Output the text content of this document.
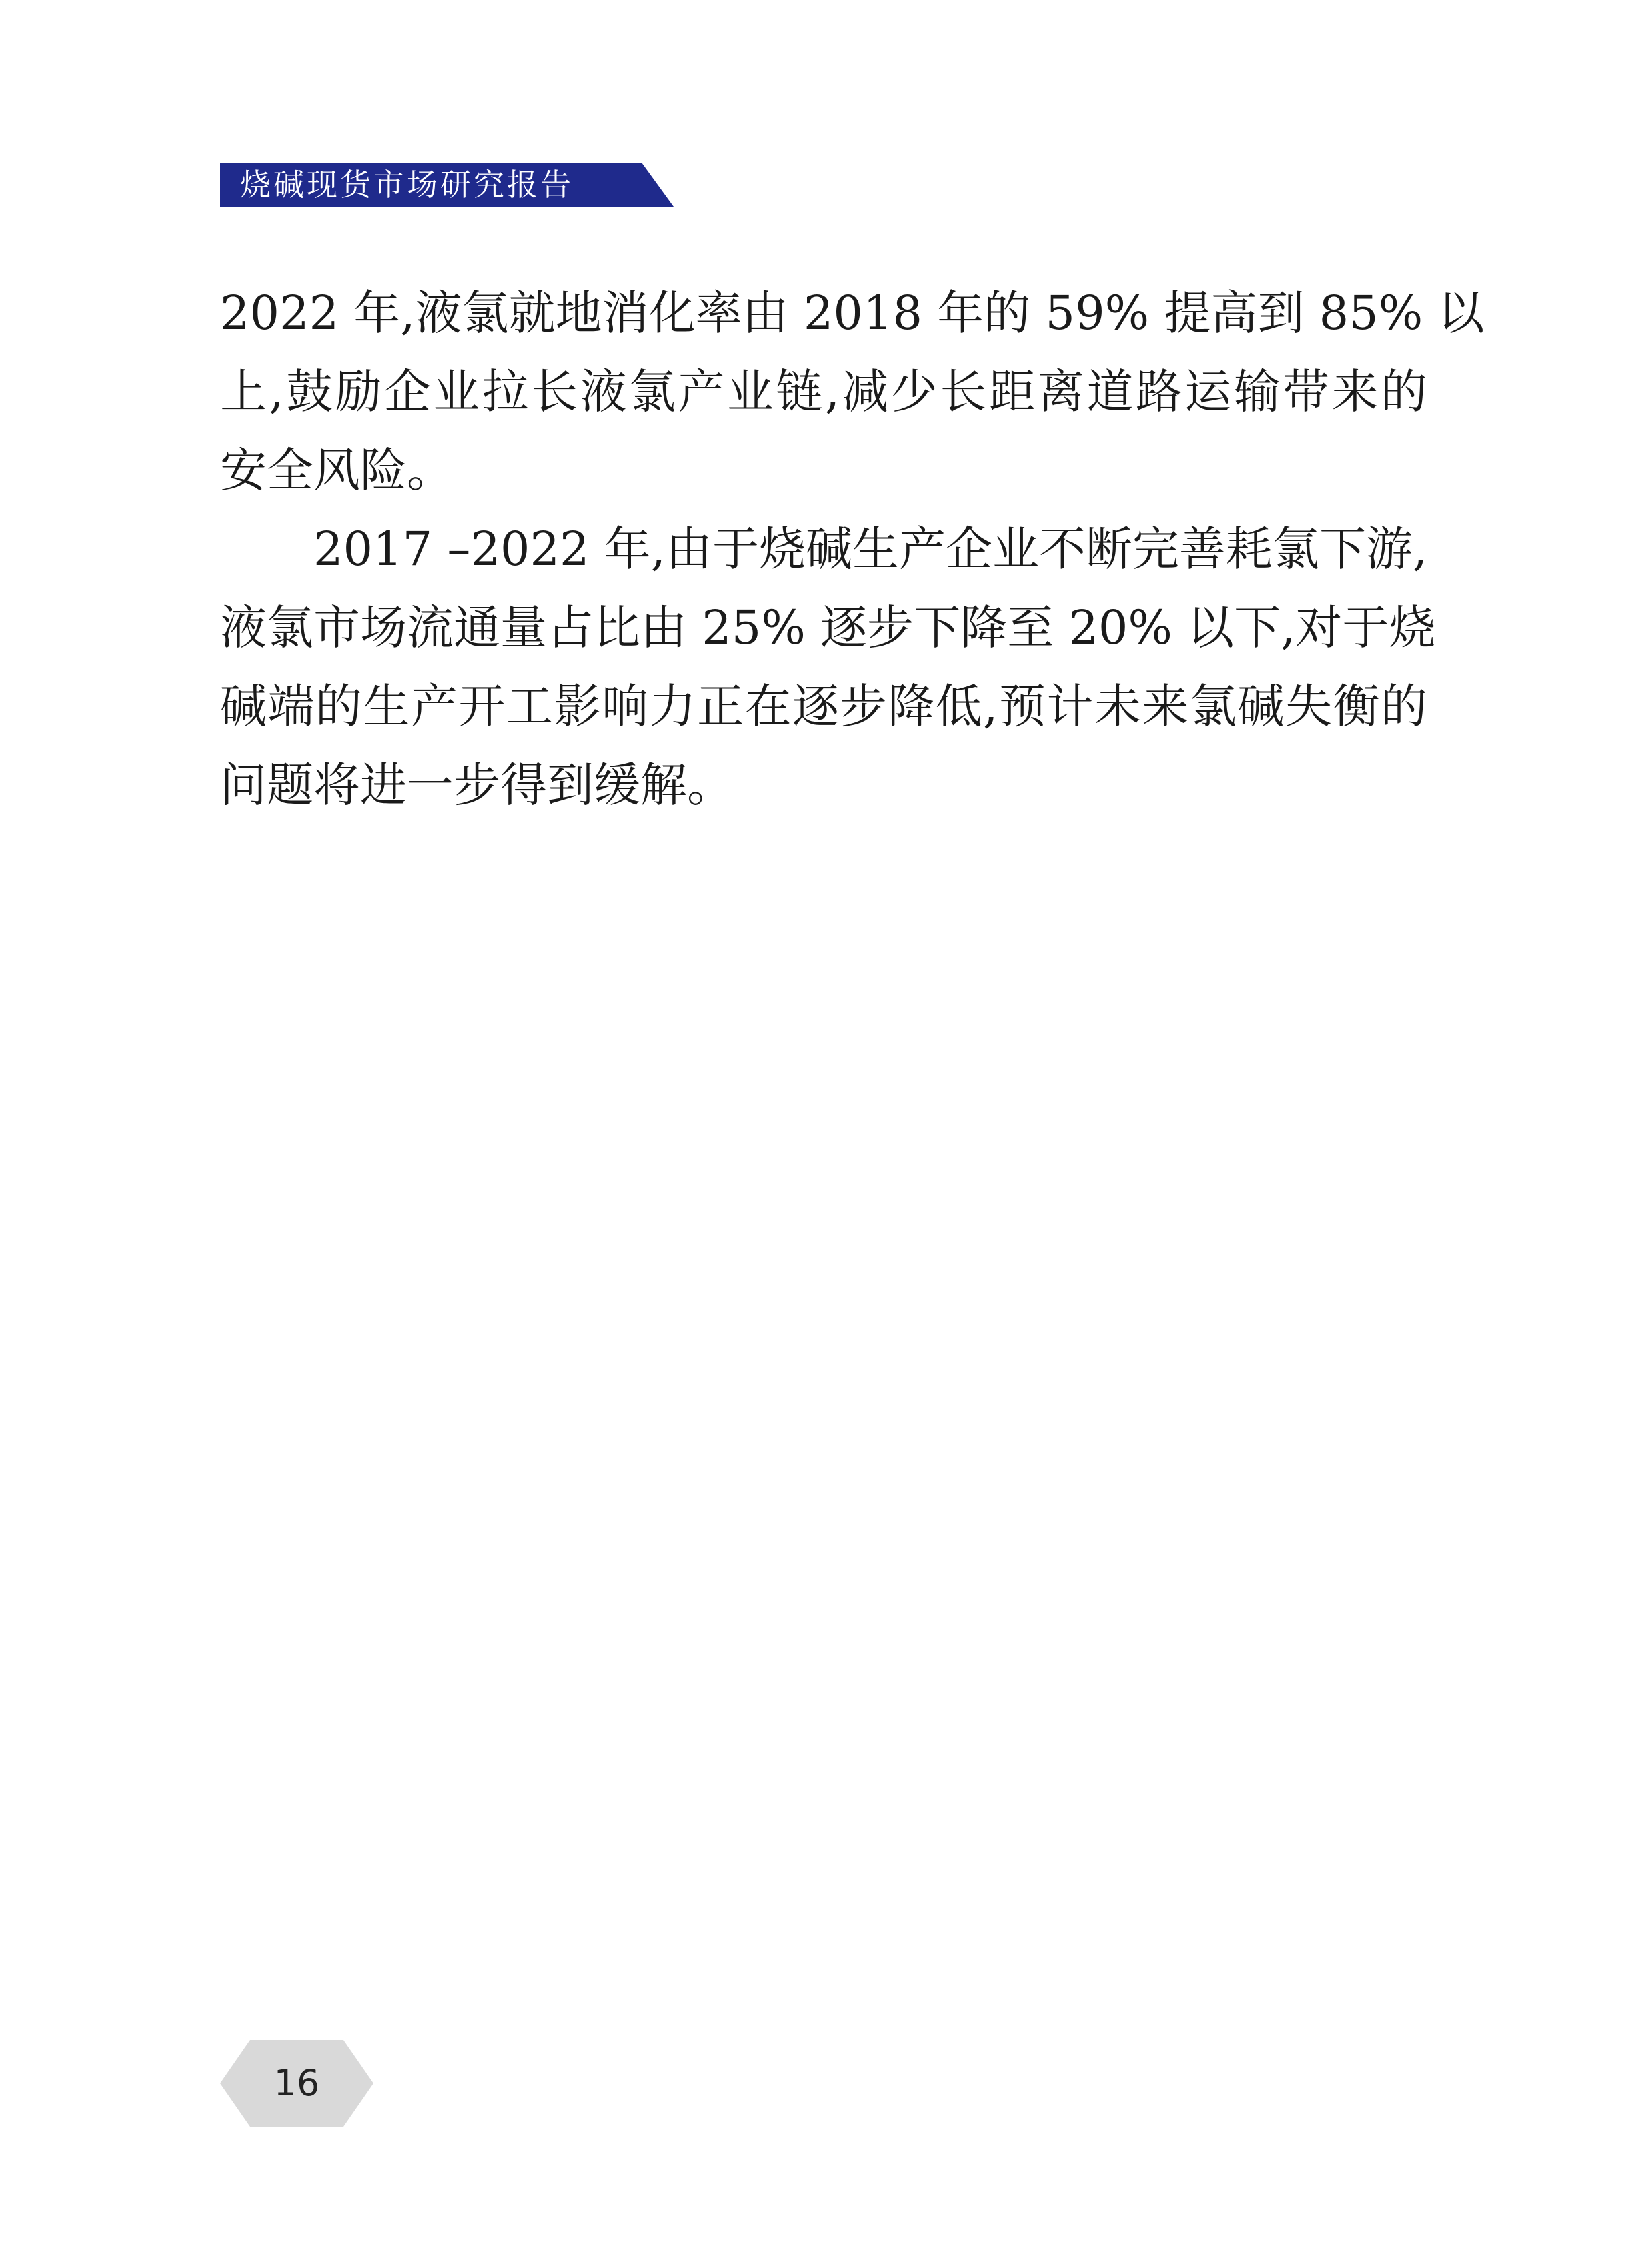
烧碱现货市场研究报告
2022 年,液氯就地消化率由 2018 年的 59% 提高到 85% 以
上,鼓励企业拉长液氯产业链,减少长距离道路运输带来的
安全风险。
2017 –2022 年,由于烧碱生产企业不断完善耗氯下游,
液氯市场流通量占比由 25% 逐步下降至 20% 以下,对于烧
碱端的生产开工影响力正在逐步降低,预计未来氯碱失衡的
问题将进一步得到缓解。
16
